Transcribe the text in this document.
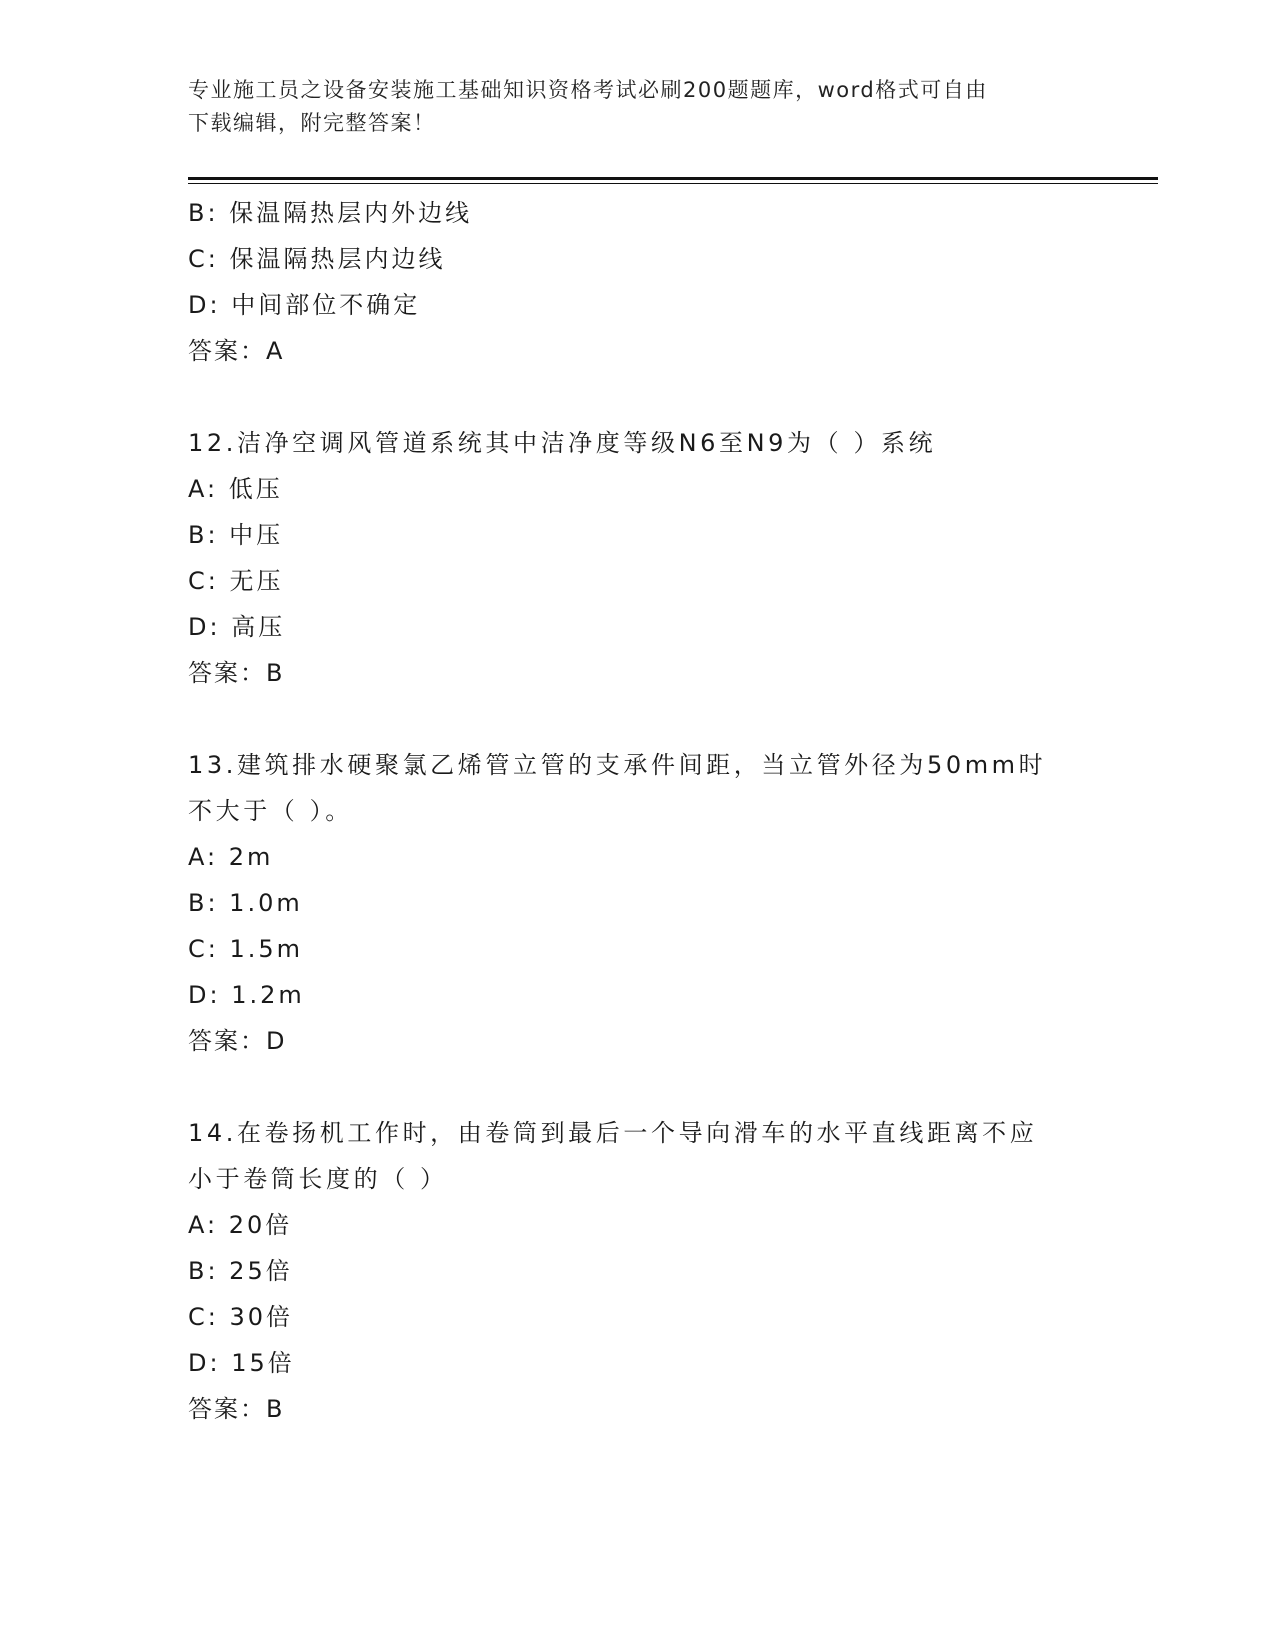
专业施工员之设备安装施工基础知识资格考试必刷200题题库，word格式可自由
下载编辑，附完整答案！
B: 保温隔热层内外边线
C: 保温隔热层内边线
D: 中间部位不确定
答案：A
12.洁净空调风管道系统其中洁净度等级N6至N9为（ ）系统
A: 低压
B: 中压
C: 无压
D: 高压
答案：B
13.建筑排水硬聚氯乙烯管立管的支承件间距，当立管外径为50mm时
不大于（ ）。
A: 2m
B: 1.0m
C: 1.5m
D: 1.2m
答案：D
14.在卷扬机工作时，由卷筒到最后一个导向滑车的水平直线距离不应
小于卷筒长度的（ ）
A: 20倍
B: 25倍
C: 30倍
D: 15倍
答案：B
